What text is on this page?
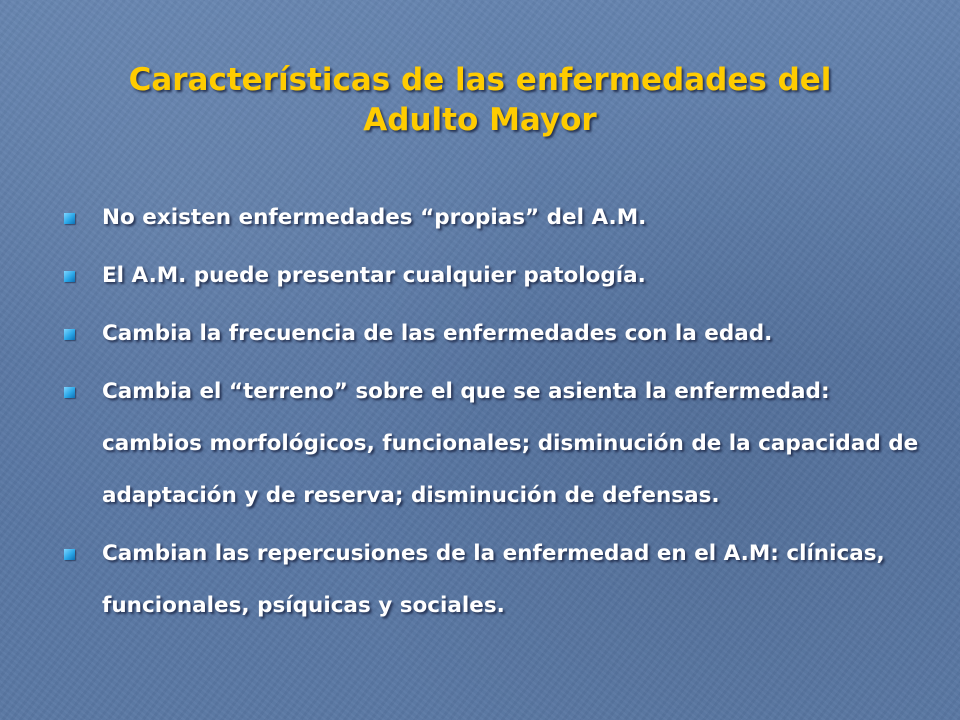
Características de las enfermedades del
Adulto Mayor
No existen enfermedades “propias” del A.M.
El A.M. puede presentar cualquier patología.
Cambia la frecuencia de las enfermedades con la edad.
Cambia el “terreno” sobre el que se asienta la enfermedad: cambios morfológicos, funcionales; disminución de la capacidad de adaptación y de reserva; disminución de defensas.
Cambian las repercusiones de la enfermedad en el A.M: clínicas, funcionales, psíquicas y sociales.
